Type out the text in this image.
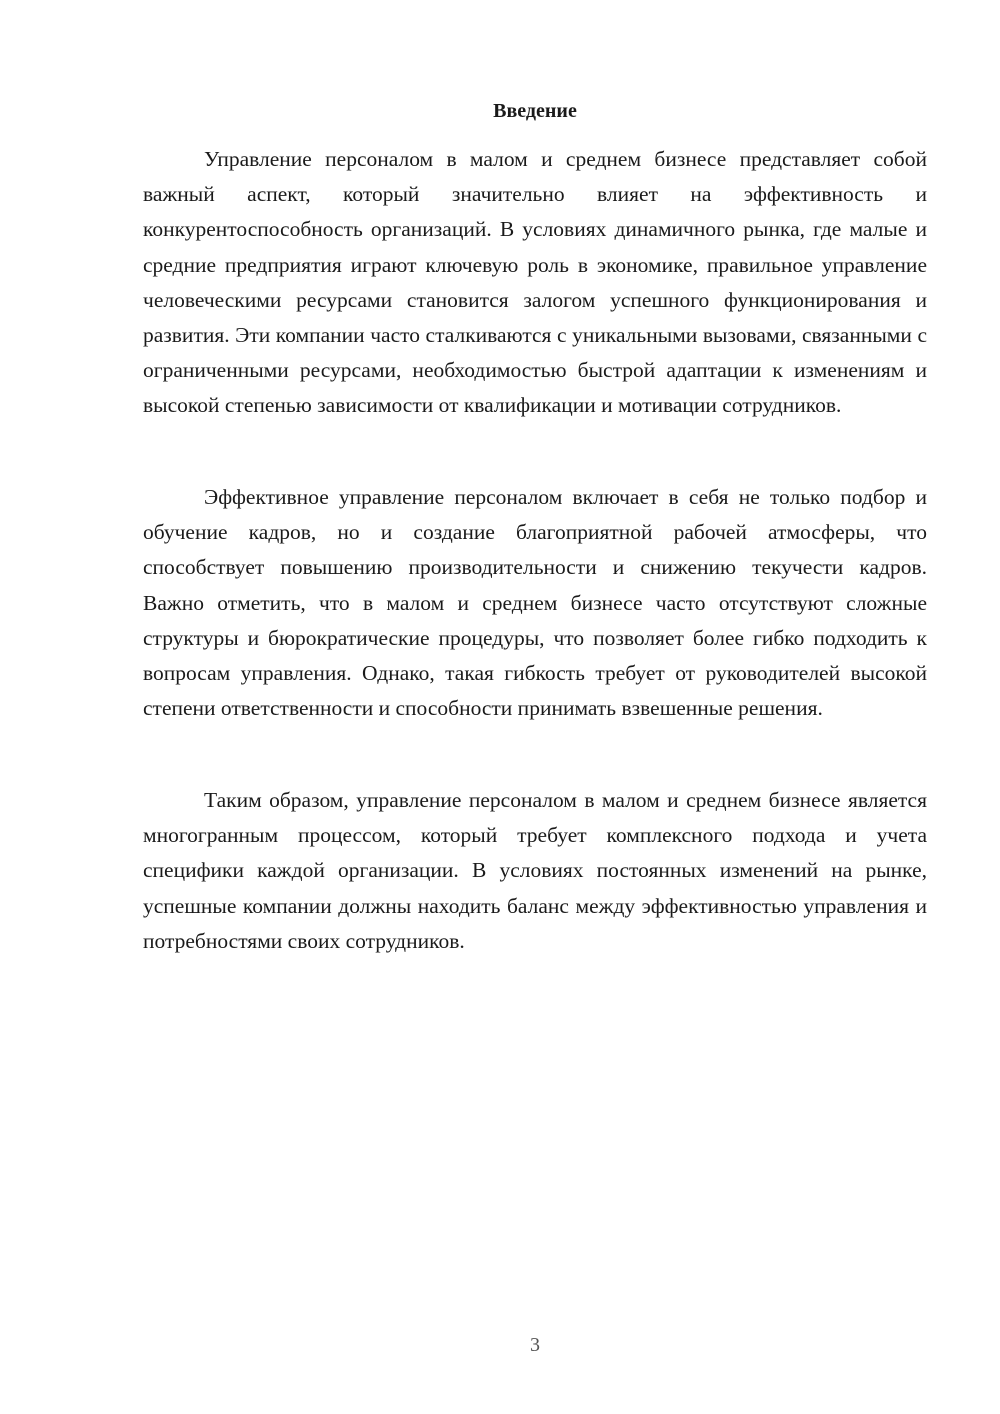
Введение

Управление персоналом в малом и среднем бизнесе представляет собой важный аспект, который значительно влияет на эффективность и конкурентоспособность организаций. В условиях динамичного рынка, где малые и средние предприятия играют ключевую роль в экономике, правильное управление человеческими ресурсами становится залогом успешного функционирования и развития. Эти компании часто сталкиваются с уникальными вызовами, связанными с ограниченными ресурсами, необходимостью быстрой адаптации к изменениям и высокой степенью зависимости от квалификации и мотивации сотрудников.

Эффективное управление персоналом включает в себя не только подбор и обучение кадров, но и создание благоприятной рабочей атмосферы, что способствует повышению производительности и снижению текучести кадров. Важно отметить, что в малом и среднем бизнесе часто отсутствуют сложные структуры и бюрократические процедуры, что позволяет более гибко подходить к вопросам управления. Однако, такая гибкость требует от руководителей высокой степени ответственности и способности принимать взвешенные решения.

Таким образом, управление персоналом в малом и среднем бизнесе является многогранным процессом, который требует комплексного подхода и учета специфики каждой организации. В условиях постоянных изменений на рынке, успешные компании должны находить баланс между эффективностью управления и потребностями своих сотрудников.

3
